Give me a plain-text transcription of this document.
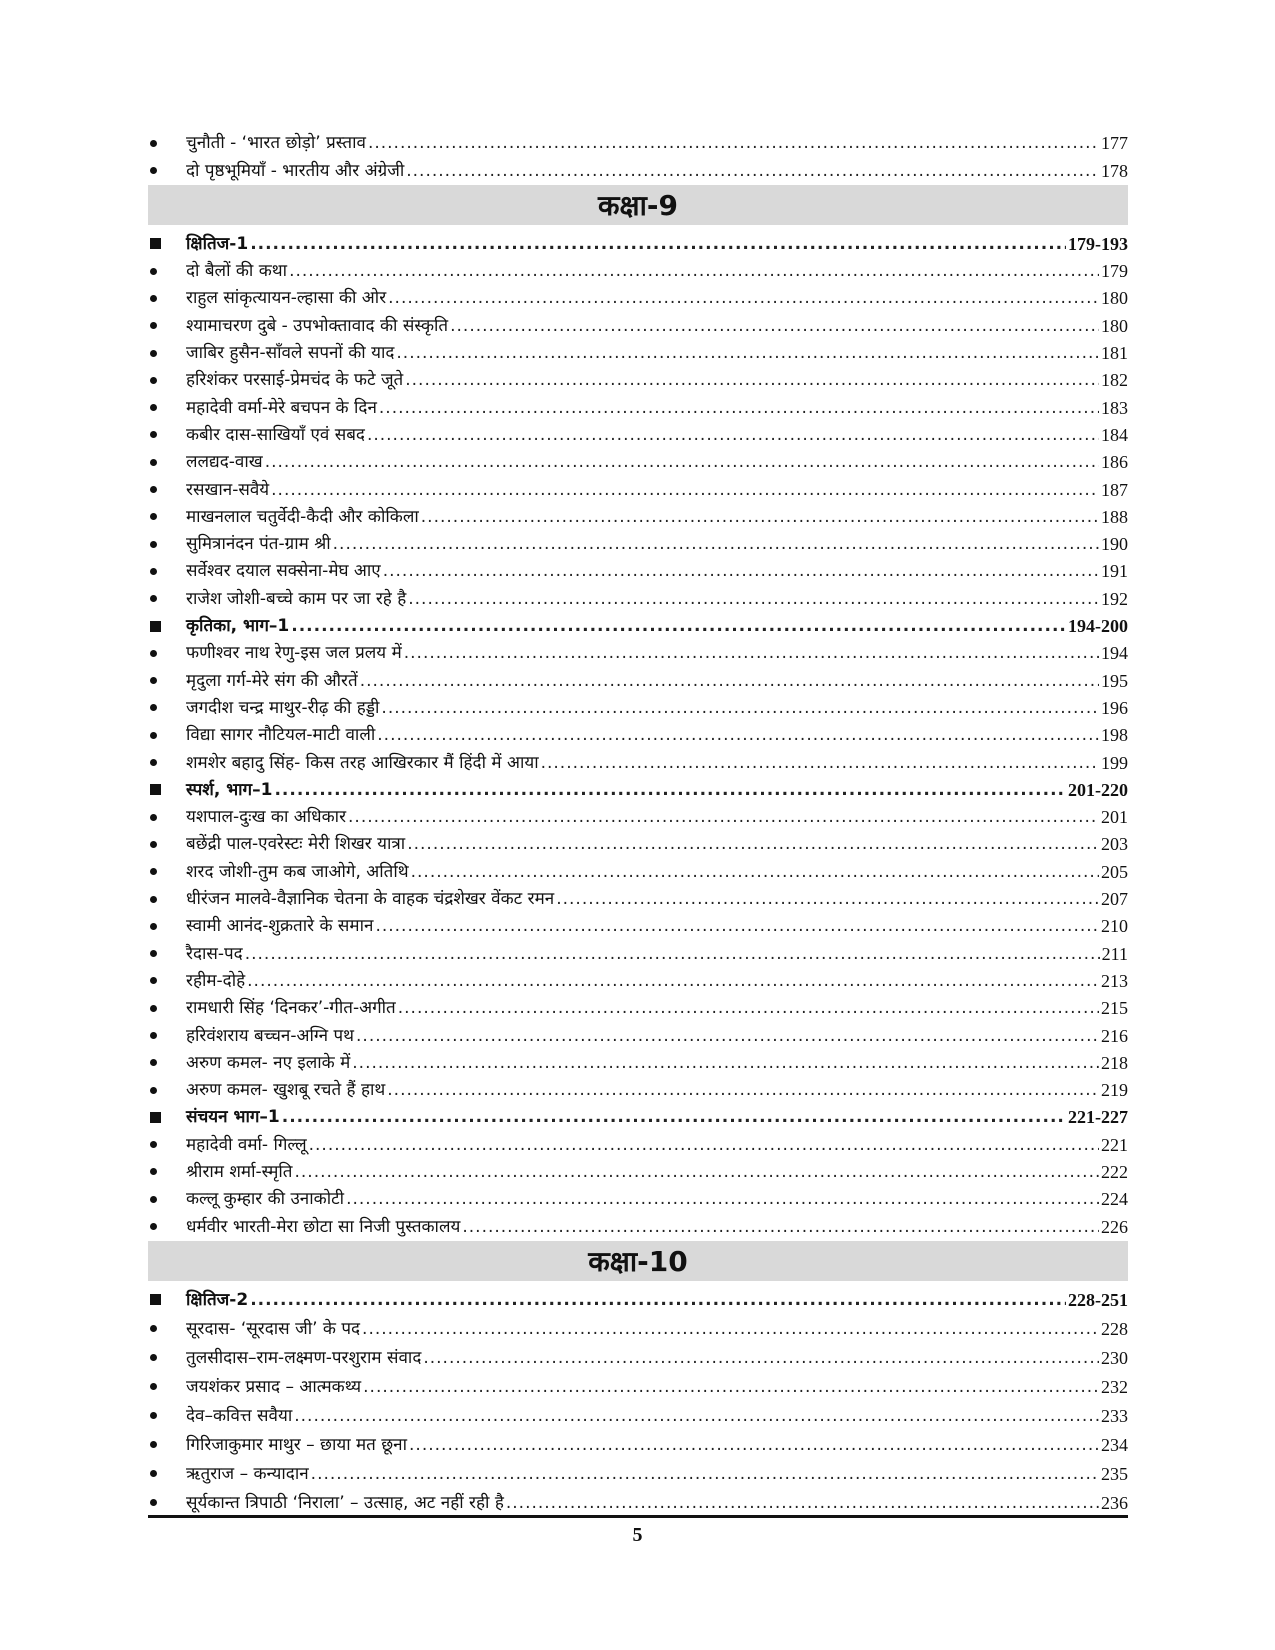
चुनौती - ‘भारत छोड़ो’ प्रस्ताव .....	177
दो पृष्ठभूमियाँ - भारतीय और अंग्रेजी .....	178
कक्षा-9
क्षितिज-1 .....	179-193
दो बैलों की कथा .....	179
राहुल सांकृत्यायन-ल्हासा की ओर .....	180
श्यामाचरण दुबे - उपभोक्तावाद की संस्कृति .....	180
जाबिर हुसैन-साँवले सपनों की याद .....	181
हरिशंकर परसाई-प्रेमचंद के फटे जूते .....	182
महादेवी वर्मा-मेरे बचपन के दिन .....	183
कबीर दास-साखियाँ एवं सबद .....	184
ललद्यद-वाख .....	186
रसखान-सवैये .....	187
माखनलाल चतुर्वेदी-कैदी और कोकिला .....	188
सुमित्रानंदन पंत-ग्राम श्री .....	190
सर्वेश्वर दयाल सक्सेना-मेघ आए .....	191
राजेश जोशी-बच्चे काम पर जा रहे है .....	192
कृतिका, भाग–1 .....	194-200
फणीश्वर नाथ रेणु-इस जल प्रलय में .....	194
मृदुला गर्ग-मेरे संग की औरतें .....	195
जगदीश चन्द्र माथुर-रीढ़ की हड्डी .....	196
विद्या सागर नौटियल-माटी वाली .....	198
शमशेर बहादु सिंह- किस तरह आखिरकार मैं हिंदी में आया .....	199
स्पर्श, भाग–1 .....	201-220
यशपाल-दुःख का अधिकार .....	201
बछेंद्री पाल-एवरेस्टः मेरी शिखर यात्रा .....	203
शरद जोशी-तुम कब जाओगे, अतिथि .....	205
धीरंजन मालवे-वैज्ञानिक चेतना के वाहक चंद्रशेखर वेंकट रमन .....	207
स्वामी आनंद-शुक्रतारे के समान .....	210
रैदास-पद .....	211
रहीम-दोहे .....	213
रामधारी सिंह ‘दिनकर’-गीत-अगीत .....	215
हरिवंशराय बच्चन-अग्नि पथ .....	216
अरुण कमल- नए इलाके में .....	218
अरुण कमल- खुशबू रचते हैं हाथ .....	219
संचयन भाग–1 .....	221-227
महादेवी वर्मा- गिल्लू .....	221
श्रीराम शर्मा-स्मृति .....	222
कल्लू कुम्हार की उनाकोटी .....	224
धर्मवीर भारती-मेरा छोटा सा निजी पुस्तकालय .....	226
कक्षा-10
क्षितिज-2 .....	228-251
सूरदास- ‘सूरदास जी’ के पद .....	228
तुलसीदास–राम-लक्ष्मण-परशुराम संवाद .....	230
जयशंकर प्रसाद – आत्मकथ्य .....	232
देव–कवित्त सवैया .....	233
गिरिजाकुमार माथुर – छाया मत छूना .....	234
ऋतुराज – कन्यादान .....	235
सूर्यकान्त त्रिपाठी ‘निराला’ – उत्साह, अट नहीं रही है .....	236
5
